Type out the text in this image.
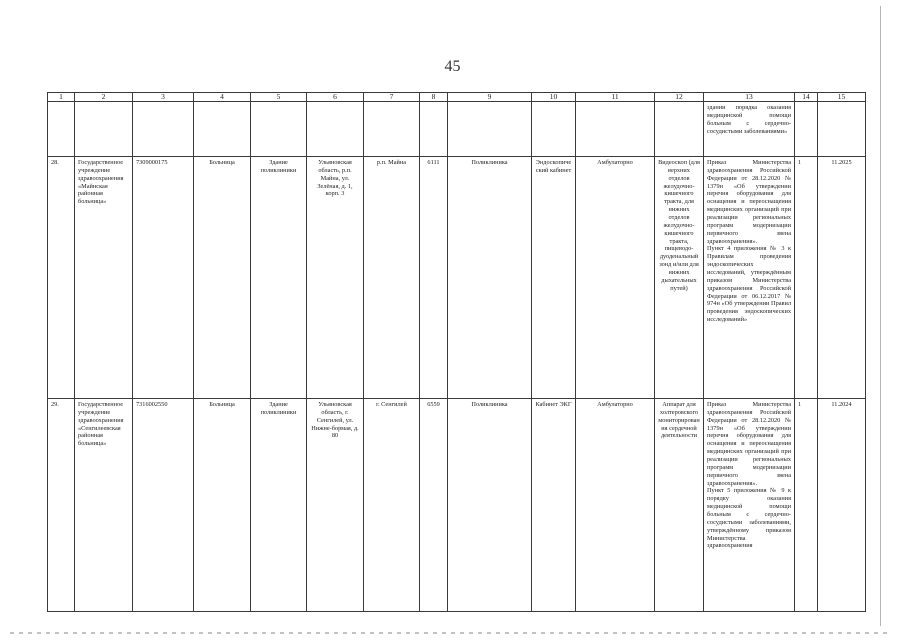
45
1	2	3	4	5	6	7	8	9	10	11	12	13	14	15
												здании порядка оказания медицинской помощи больным с сердечно-сосудистыми заболеваниями»		
28.	Государственное учреждение здравоохранения «Майнская районная больница»	7309000175	Больница	Здание поликлиники	Ульяновская область, р.п. Майна, ул. Зелёная, д. 1, корп. 3	р.п. Майна	6111	Поликлиника	Эндоскопический кабинет	Амбулаторно	Видеоскоп (для верхних отделов желудочно-кишечного тракта, для нижних отделов желудочно-кишечного тракта, пищеводо-дуоденальный зонд и/или для нижних дыхательных путей)	Приказ Министерства здравоохранения Российской Федерации от 28.12.2020 № 1379н «Об утверждении перечня оборудования для оснащения и переоснащения медицинских организаций при реализации региональных программ модернизации первичного звена здравоохранения».
Пункт 4 приложения № 3 к Правилам проведения эндоскопических исследований, утверждённым приказом Министерства здравоохранения Российской Федерации от 06.12.2017 № 974н «Об утверждении Правил проведения эндоскопических исследований»	1	11.2025
29.	Государственное учреждение здравоохранения «Сенгилеевская районная больница»	7316002550	Больница	Здание поликлиники	Ульяновская область, г. Сенгилей, ул. Нижне-бормая, д. 80	г. Сенгилей	6559	Поликлиника	Кабинет ЭКГ	Амбулаторно	Аппарат для холтеровского мониторирования сердечной деятельности	Приказ Министерства здравоохранения Российской Федерации от 28.12.2020 № 1379н «Об утверждении перечня оборудования для оснащения и переоснащения медицинских организаций при реализации региональных программ модернизации первичного звена здравоохранения».
Пункт 5 приложения № 9 к порядку оказания медицинской помощи больным с сердечно-сосудистыми заболеваниями, утверждённому приказом Министерства здравоохранения	1	11.2024
